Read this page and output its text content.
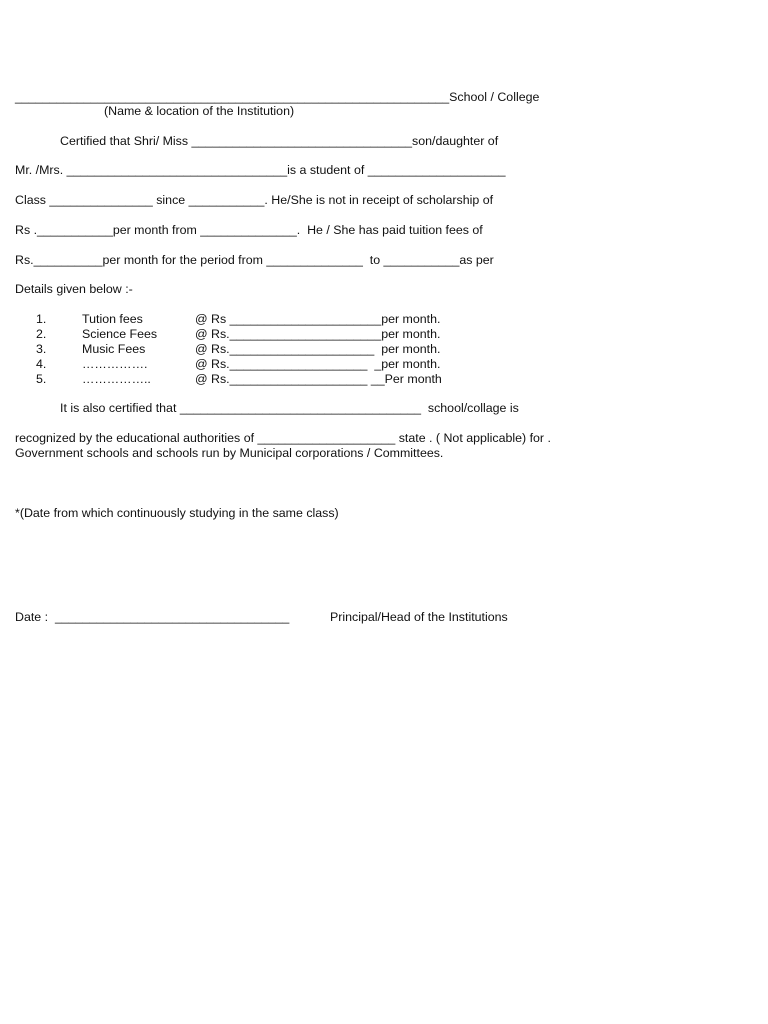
_______________________________________________________________School / College
(Name & location of the Institution)
Certified that Shri/ Miss ________________________________son/daughter of
Mr. /Mrs. ________________________________is a student of ____________________
Class _______________ since ___________. He/She is not in receipt of scholarship of
Rs .___________per month from ______________.  He / She has paid tuition fees of
Rs.__________per month for the period from ______________  to ___________as per
Details given below :-
1.	Tution fees	@ Rs ______________________per month.
2.	Science Fees	@ Rs.______________________per month.
3.	Music Fees	@ Rs._____________________  per month.
4.	…………….	@ Rs.____________________  _per month.
5.	……………..	@ Rs.____________________ __Per month
It is also certified that ___________________________________  school/collage is
recognized by the educational authorities of ____________________ state . ( Not applicable) for .
Government schools and schools run by Municipal corporations / Committees.
*(Date from which continuously studying in the same class)
Date :  __________________________________	Principal/Head of the Institutions
